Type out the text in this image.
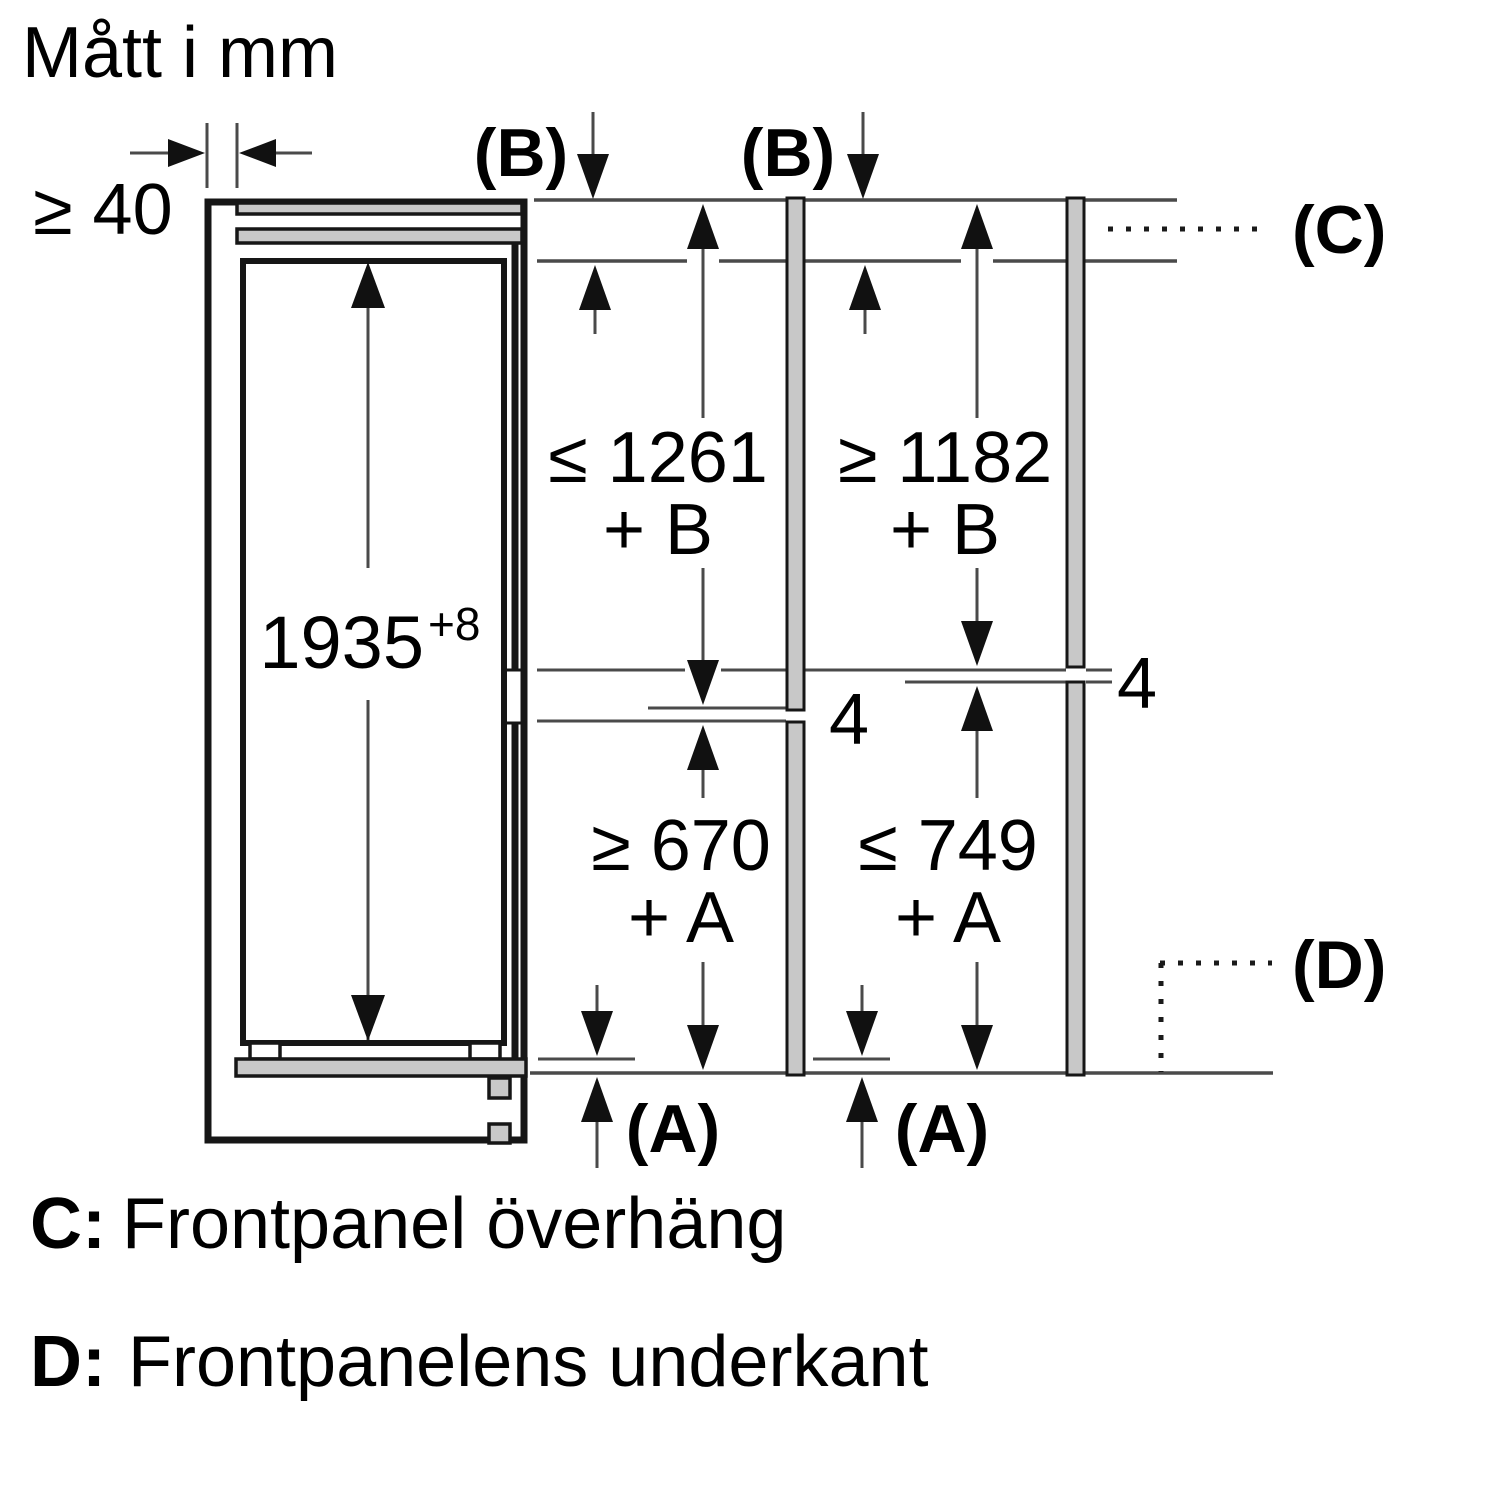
Mått i mm
≥ 40
1935 +8
(B)	(B)
(C)
(D)
≤ 1261
+ B
≥ 1182
+ B
4	4
≥ 670
+ A
≤ 749
+ A
(A)	(A)
C: Frontpanel överhäng
D: Frontpanelens underkant
